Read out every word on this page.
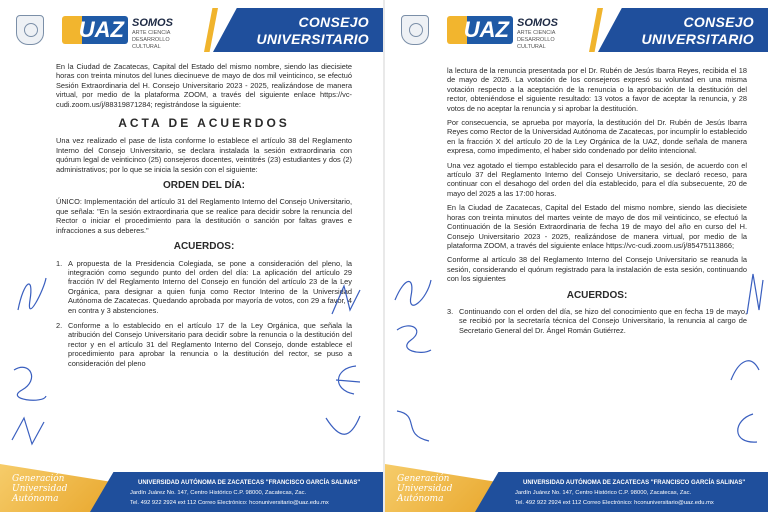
UAZ SOMOS
ARTE CIENCIA
DESARROLLO
CULTURAL
CONSEJO
UNIVERSITARIO

En la Ciudad de Zacatecas, Capital del Estado del mismo nombre, siendo las diecisiete horas con treinta minutos del lunes diecinueve de mayo de dos mil veinticinco, se efectuó Sesión Extraordinaria del H. Consejo Universitario 2023 - 2025, realizándose de manera virtual, por medio de la plataforma ZOOM, a través del siguiente enlace https://vc-cudi.zoom.us/j/88319871284; registrándose la siguiente:

ACTA DE ACUERDOS

Una vez realizado el pase de lista conforme lo establece el artículo 38 del Reglamento Interno del Consejo Universitario, se declara instalada la sesión extraordinaria con quórum legal de veinticinco (25) consejeros docentes, veintitrés (23) estudiantes y dos (2) administrativos; por lo que se inicia la sesión con el siguiente:

ORDEN DEL DÍA:

ÚNICO: Implementación del artículo 31 del Reglamento Interno del Consejo Universitario, que señala: "En la sesión extraordinaria que se realice para decidir sobre la renuncia del Rector o iniciar el procedimiento para la destitución o sanción por faltas graves e infracciones a sus deberes."

ACUERDOS:
1. A propuesta de la Presidencia Colegiada, se pone a consideración del pleno, la integración como segundo punto del orden del día: La aplicación del artículo 29 fracción IV del Reglamento Interno del Consejo en función del artículo 23 de la Ley Orgánica, para designar a quien funja como Rector Interino de la Universidad Autónoma de Zacatecas. Quedando aprobada por mayoría de votos, con 29 a favor, 4 en contra y 3 abstenciones.
2. Conforme a lo establecido en el artículo 17 de la Ley Orgánica, que señala la atribución del Consejo Universitario para decidir sobre la renuncia o la destitución del rector y en el artículo 31 del Reglamento Interno del Consejo, donde establece el procedimiento para aprobar la renuncia o la destitución del rector, se puso a consideración del pleno
Generación
Universidad
Autónoma
UNIVERSIDAD AUTÓNOMA DE ZACATECAS "FRANCISCO GARCÍA SALINAS"
Jardín Juárez No. 147, Centro Histórico C.P. 98000, Zacatecas, Zac.
Tel. 492 922 2924 ext 112 Correo Electrónico: hconuniversitario@uaz.edu.mx
UAZ SOMOS
ARTE CIENCIA
DESARROLLO
CULTURAL
CONSEJO
UNIVERSITARIO

la lectura de la renuncia presentada por el Dr. Rubén de Jesús Ibarra Reyes, recibida el 18 de mayo de 2025. La votación de los consejeros expresó su voluntad en una misma votación respecto a la aceptación de la renuncia o la aprobación de la destitución del rector, obteniéndose el siguiente resultado: 13 votos a favor de aceptar la renuncia, y 28 votos de no aceptar la renuncia y si aprobar la destitución.

Por consecuencia, se aprueba por mayoría, la destitución del Dr. Rubén de Jesús Ibarra Reyes como Rector de la Universidad Autónoma de Zacatecas, por incumplir lo establecido en la fracción X del artículo 20 de la Ley Orgánica de la UAZ, donde señala de manera expresa, como impedimento, el haber sido condenado por delito intencional.

Una vez agotado el tiempo establecido para el desarrollo de la sesión, de acuerdo con el artículo 37 del Reglamento Interno del Consejo Universitario, se declaró receso, para continuar con el desahogo del orden del día establecido, para el día subsecuente, 20 de mayo del 2025 a las 17:00 horas.

En la Ciudad de Zacatecas, Capital del Estado del mismo nombre, siendo las diecisiete horas con treinta minutos del martes veinte de mayo de dos mil veinticinco, se efectuó la Continuación de la Sesión Extraordinaria de fecha 19 de mayo del año en curso del H. Consejo Universitario 2023 - 2025, realizándose de manera virtual, por medio de la plataforma ZOOM, a través del siguiente enlace https://vc-cudi.zoom.us/j/85475113866;

Conforme al artículo 38 del Reglamento Interno del Consejo Universitario se reanuda la sesión, considerando el quórum registrado para la instalación de esta sesión, continuando con los siguientes

ACUERDOS:
3. Continuando con el orden del día, se hizo del conocimiento que en fecha 19 de mayo, se recibió por la secretaría técnica del Consejo Universitario, la renuncia al cargo de Secretario General del Dr. Ángel Román Gutiérrez.
Generación
Universidad
Autónoma
UNIVERSIDAD AUTÓNOMA DE ZACATECAS "FRANCISCO GARCÍA SALINAS"
Jardín Juárez No. 147, Centro Histórico C.P. 98000, Zacatecas, Zac.
Tel. 492 922 2924 ext 112 Correo Electrónico: hconuniversitario@uaz.edu.mx
